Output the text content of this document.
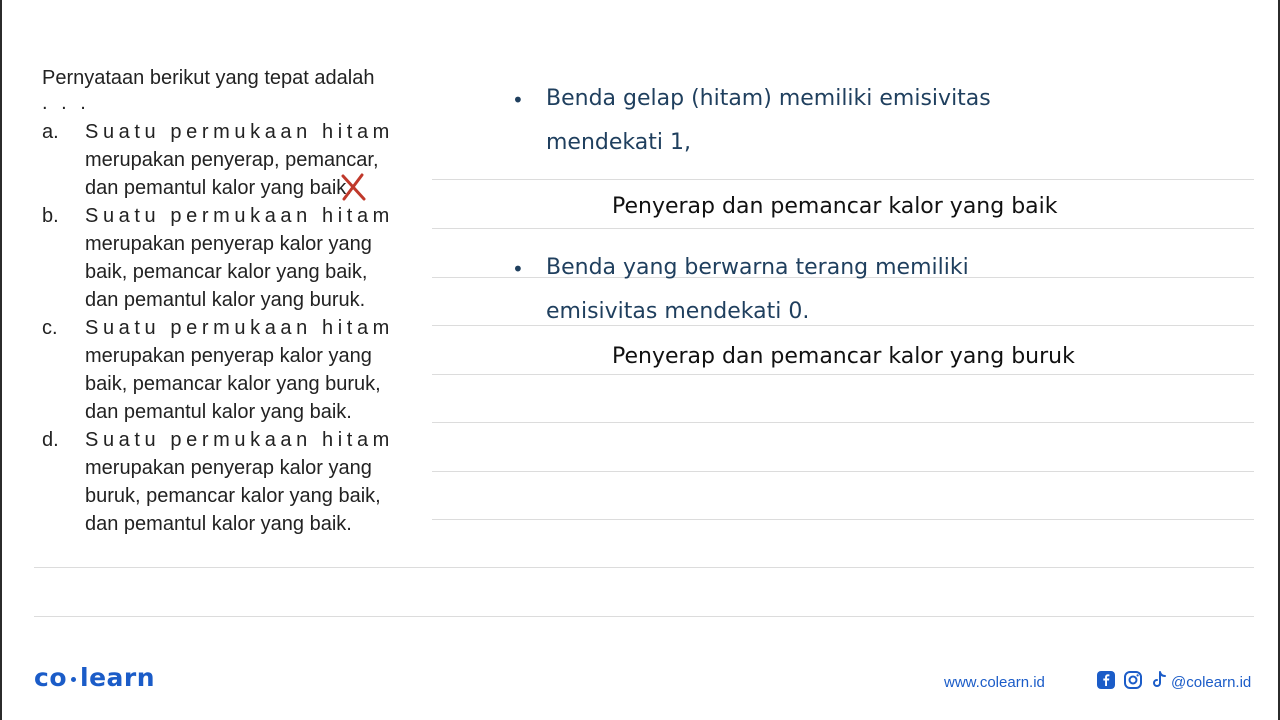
Pernyataan berikut yang tepat adalah
. . .
a. Suatu permukaan hitam
merupakan penyerap, pemancar,
dan pemantul kalor yang baik.
b. Suatu permukaan hitam
merupakan penyerap kalor yang
baik, pemancar kalor yang baik,
dan pemantul kalor yang buruk.
c. Suatu permukaan hitam
merupakan penyerap kalor yang
baik, pemancar kalor yang buruk,
dan pemantul kalor yang baik.
d. Suatu permukaan hitam
merupakan penyerap kalor yang
buruk, pemancar kalor yang baik,
dan pemantul kalor yang baik.
• Benda gelap (hitam) memiliki emisivitas
mendekati 1,
Penyerap dan pemancar kalor yang baik
• Benda yang berwarna terang memiliki
emisivitas mendekati 0.
Penyerap dan pemancar kalor yang buruk
co learn	www.colearn.id	@colearn.id
